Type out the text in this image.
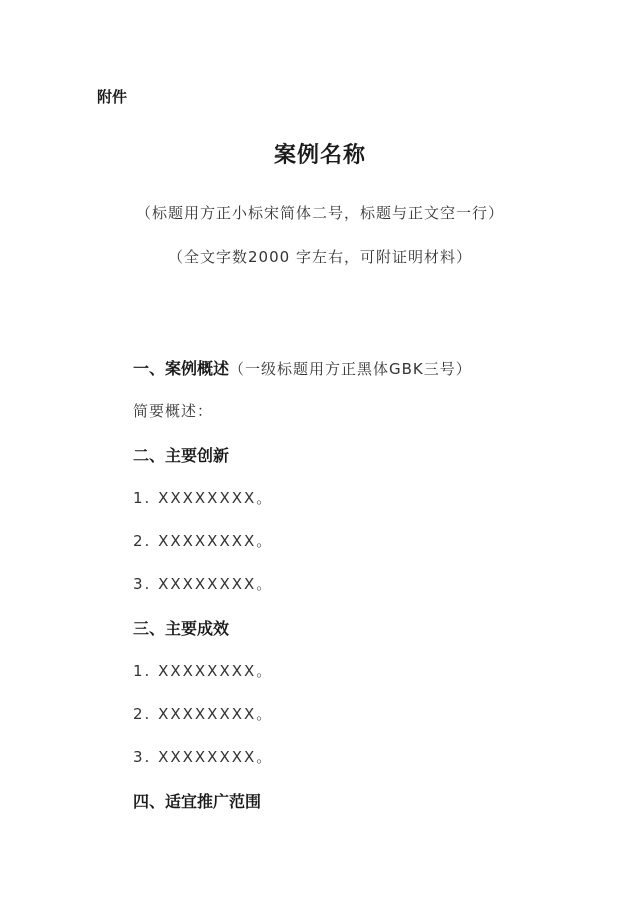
附件
案例名称
（标题用方正小标宋简体二号，标题与正文空一行）
（全文字数2000 字左右，可附证明材料）
一、案例概述（一级标题用方正黑体GBK三号）
简要概述：
二、主要创新
1. XXXXXXXX。
2. XXXXXXXX。
3. XXXXXXXX。
三、主要成效
1. XXXXXXXX。
2. XXXXXXXX。
3. XXXXXXXX。
四、适宜推广范围
